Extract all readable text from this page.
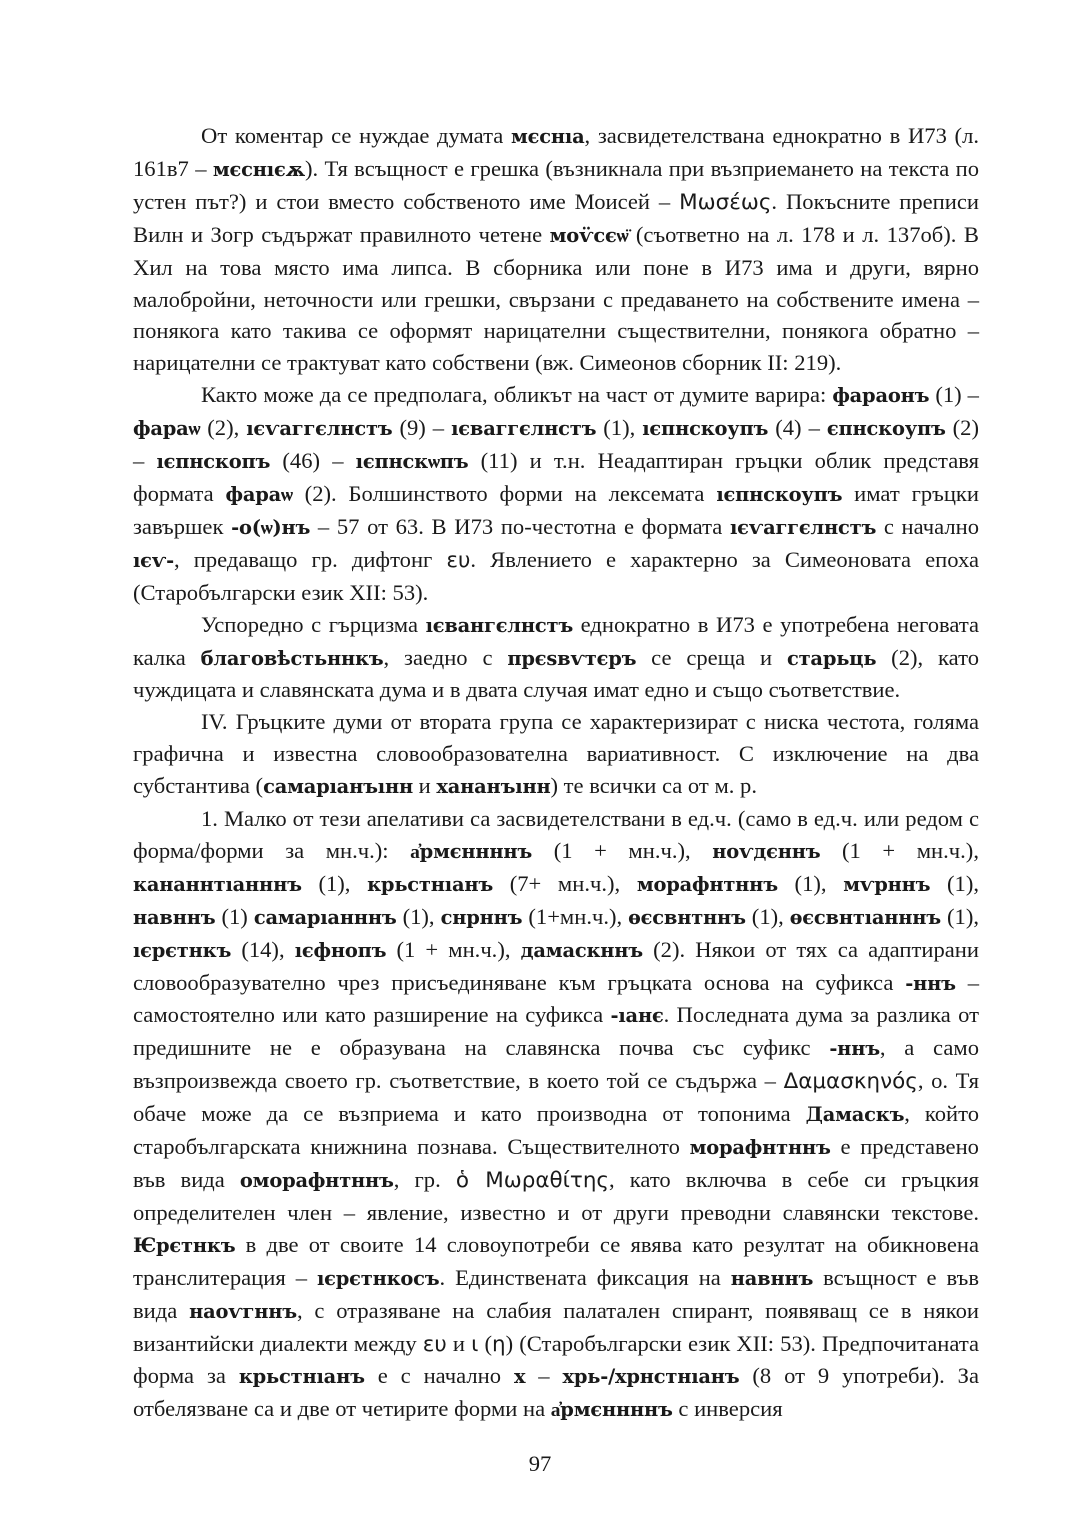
От коментар се нуждае думата мєснıа, засвидетелствана еднократно в И73 (л. 161в7 – мєснıєѫ). Тя всъщност е грешка (възникнала при възприемането на текста по устен път?) и стои вместо собственото име Моисей – Μωσέως. Покъсните преписи Вилн и Зогр съдържат правилното четене моѵ̈сєѡ̈ (съответно на л. 178 и л. 137об). В Хил на това място има липса. В сборника или поне в И73 има и други, вярно малобройни, неточности или грешки, свързани с предаването на собствените имена – понякога като такива се оформят нарицателни съществителни, понякога обратно – нарицателни се трактуват като собствени (вж. Симеонов сборник II: 219).

Както може да се предполага, обликът на част от думите варира: фараонъ (1) – фараѡ (2), ıєѵаггєлнстъ (9) – ıєваггєлнстъ (1), ıєпнскоупъ (4) – єпнскоупъ (2) – ıєпнскопъ (46) – ıєпнскѡпъ (11) и т.н. Неадаптиран гръцки облик представя формата фараѡ (2). Болшинството форми на лексемата ıєпнскоупъ имат гръцки завършек -о(ѡ)нъ – 57 от 63. В И73 по-честотна е формата ıєѵаггєлнстъ с начално ıєѵ-, предаващо гр. дифтонг ευ. Явлението е характерно за Симеоновата епоха (Старобългарски език XII: 53).

Успоредно с гърцизма ıєвангєлнстъ еднократно в И73 е употребена неговата калка благовѣстьннкъ, заедно с прєѕвѵтєръ се среща и старьць (2), като чуждицата и славянската дума и в двата случая имат едно и също съответствие.

IV. Гръцките думи от втората група се характеризират с ниска честота, голяма графична и известна словообразователна вариативност. С изключение на два субстантива (самарıанъıнн и хананъıнн) те всички са от м. р.

1. Малко от тези апелативи са засвидетелствани в ед.ч. (само в ед.ч. или редом с форма/форми за мн.ч.): а҆рмєннннъ (1 + мн.ч.), ноѵдєннъ (1 + мн.ч.), кананнтıанннъ (1), крьстнıанъ (7+ мн.ч.), морафнтннъ (1), мѵрннъ (1), навннъ (1) самарıанннъ (1), снрннъ (1+мн.ч.), ѳєсвнтннъ (1), ѳєсвнтıанннъ (1), ıєрєтнкъ (14), ıєфнопъ (1 + мн.ч.), дамаскннъ (2). Някои от тях са адаптирани словообразувателно чрез присъединяване към гръцката основа на суфикса -ннъ – самостоятелно или като разширение на суфикса -ıанє. Последната дума за разлика от предишните не е образувана на славянска почва със суфикс -ннъ, а само възпроизвежда своето гр. съответствие, в което той се съдържа – Δαμασκηνός, о. Тя обаче може да се възприема и като производна от топонима Дамаскъ, който старобългарската книжнина познава. Съществителното морафнтннъ е представено във вида оморафнтннъ, гр. ὁ Μωραθίτης, като включва в себе си гръцкия определителен член – явление, известно и от други преводни славянски текстове. Ѥрєтнкъ в две от своите 14 словоупотреби се явява като резултат на обикновена транслитерация – ıєрєтнкосъ. Единствената фиксация на навннъ всъщност е във вида наоѵгннъ, с отразяване на слабия палатален спирант, появяващ се в някои византийски диалекти между ευ и ι (η) (Старобългарски език XII: 53). Предпочитаната форма за крьстнıанъ е с начално х – хрь-/хрнстнıанъ (8 от 9 употреби). За отбелязване са и две от четирите форми на а҆рмєннннъ с инверсия

97
